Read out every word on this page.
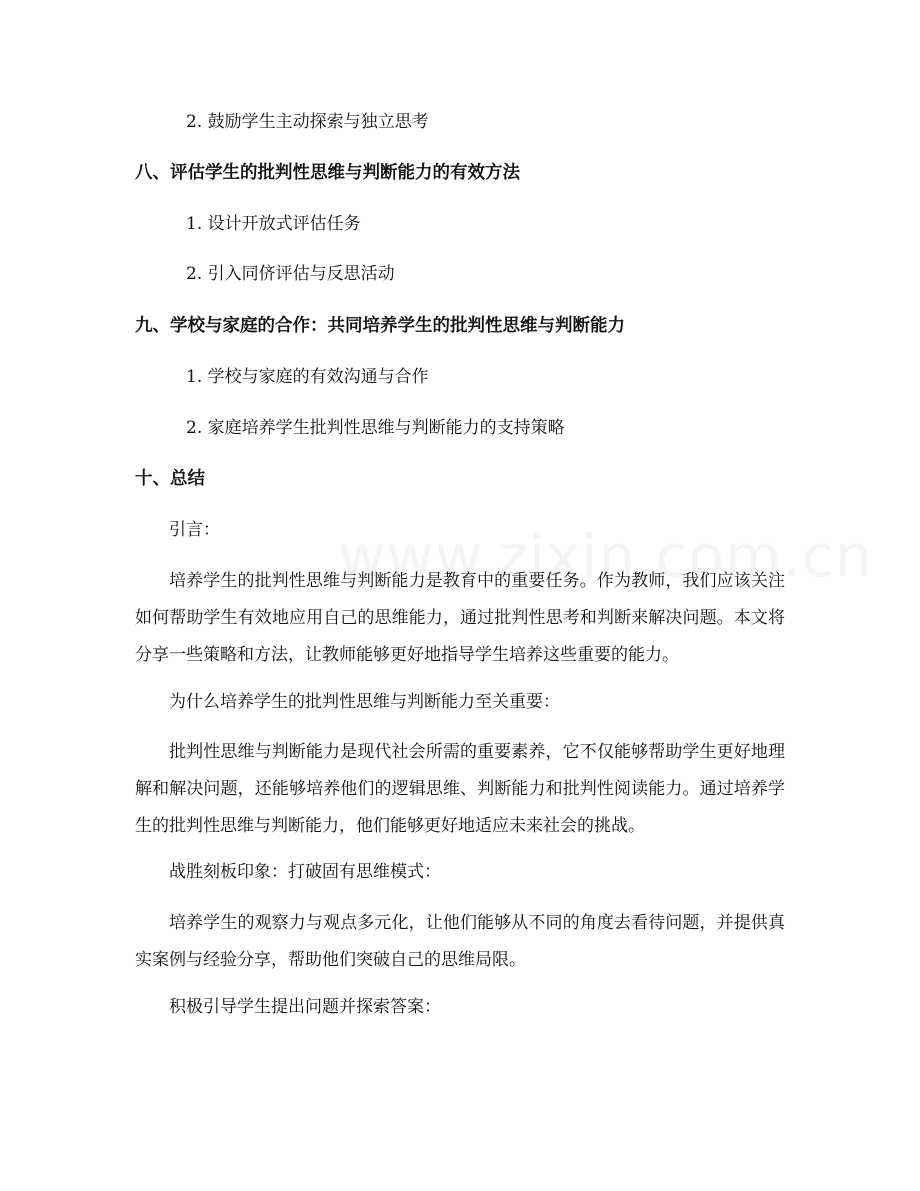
2. 鼓励学生主动探索与独立思考
八、评估学生的批判性思维与判断能力的有效方法
1. 设计开放式评估任务
2. 引入同侪评估与反思活动
九、学校与家庭的合作：共同培养学生的批判性思维与判断能力
1. 学校与家庭的有效沟通与合作
2. 家庭培养学生批判性思维与判断能力的支持策略
十、总结

引言：

培养学生的批判性思维与判断能力是教育中的重要任务。作为教师，我们应该关注如何帮助学生有效地应用自己的思维能力，通过批判性思考和判断来解决问题。本文将分享一些策略和方法，让教师能够更好地指导学生培养这些重要的能力。

为什么培养学生的批判性思维与判断能力至关重要：

批判性思维与判断能力是现代社会所需的重要素养，它不仅能够帮助学生更好地理解和解决问题，还能够培养他们的逻辑思维、判断能力和批判性阅读能力。通过培养学生的批判性思维与判断能力，他们能够更好地适应未来社会的挑战。

战胜刻板印象：打破固有思维模式：

培养学生的观察力与观点多元化，让他们能够从不同的角度去看待问题，并提供真实案例与经验分享，帮助他们突破自己的思维局限。

积极引导学生提出问题并探索答案：
